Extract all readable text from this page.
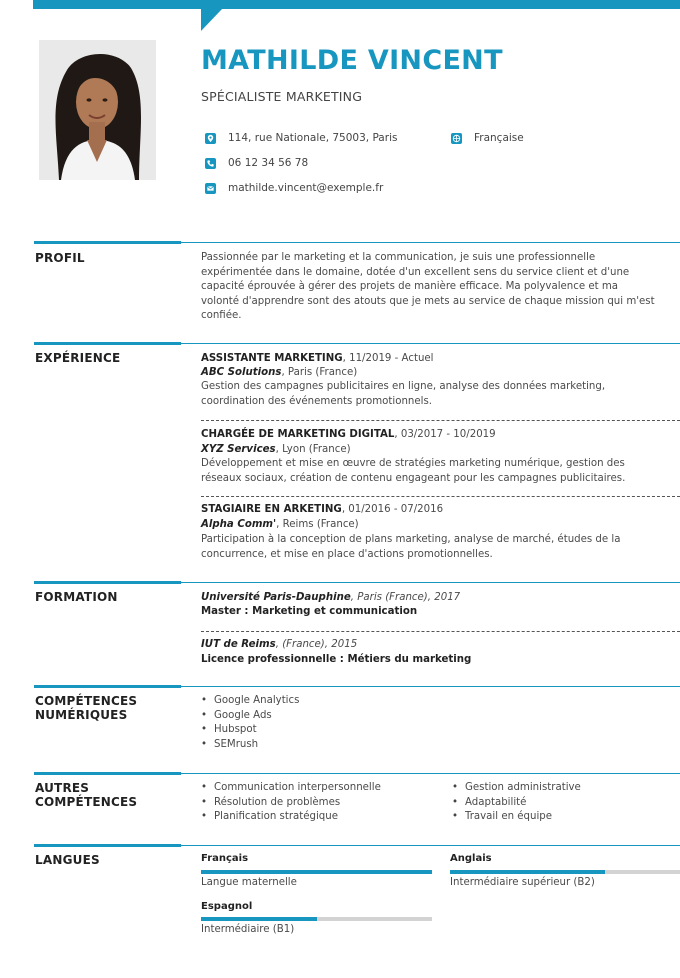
MATHILDE VINCENT
SPÉCIALISTE MARKETING
114, rue Nationale, 75003, Paris	Française
06 12 34 56 78
mathilde.vincent@exemple.fr
PROFIL	Passionnée par le marketing et la communication, je suis une professionnelle
expérimentée dans le domaine, dotée d'un excellent sens du service client et d'une
capacité éprouvée à gérer des projets de manière efficace. Ma polyvalence et ma
volonté d'apprendre sont des atouts que je mets au service de chaque mission qui m'est
confiée.
EXPÉRIENCE	ASSISTANTE MARKETING, 11/2019 - Actuel
ABC Solutions, Paris (France)
Gestion des campagnes publicitaires en ligne, analyse des données marketing,
coordination des événements promotionnels.
CHARGÉE DE MARKETING DIGITAL, 03/2017 - 10/2019
XYZ Services, Lyon (France)
Développement et mise en œuvre de stratégies marketing numérique, gestion des
réseaux sociaux, création de contenu engageant pour les campagnes publicitaires.
STAGIAIRE EN ARKETING, 01/2016 - 07/2016
Alpha Comm', Reims (France)
Participation à la conception de plans marketing, analyse de marché, études de la
concurrence, et mise en place d'actions promotionnelles.
FORMATION	Université Paris-Dauphine, Paris (France), 2017
Master : Marketing et communication
IUT de Reims, (France), 2015
Licence professionnelle : Métiers du marketing
COMPÉTENCES
NUMÉRIQUES
• Google Analytics
• Google Ads
• Hubspot
• SEMrush
AUTRES
COMPÉTENCES
• Communication interpersonnelle
• Résolution de problèmes
• Planification stratégique
• Gestion administrative
• Adaptabilité
• Travail en équipe
LANGUES	Français
Langue maternelle
Anglais
Intermédiaire supérieur (B2)
Espagnol
Intermédiaire (B1)
